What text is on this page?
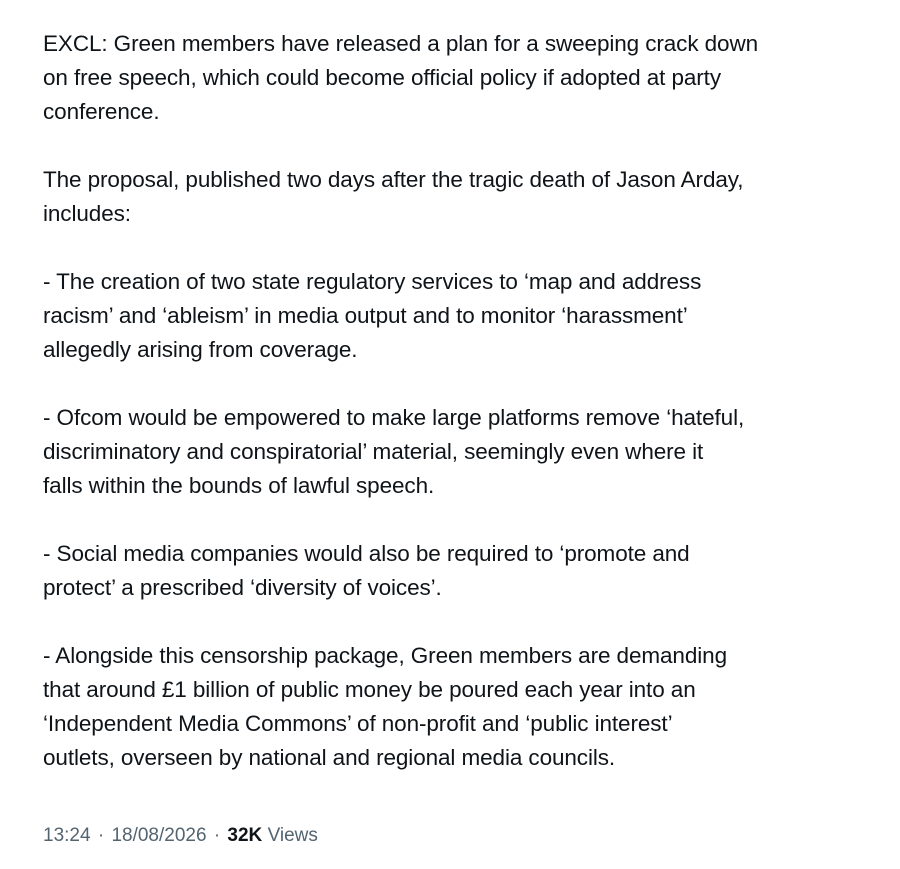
EXCL: Green members have released a plan for a sweeping crack down
on free speech, which could become official policy if adopted at party
conference.

The proposal, published two days after the tragic death of Jason Arday,
includes:

- The creation of two state regulatory services to ‘map and address
racism’ and ‘ableism’ in media output and to monitor ‘harassment’
allegedly arising from coverage.

- Ofcom would be empowered to make large platforms remove ‘hateful,
discriminatory and conspiratorial’ material, seemingly even where it
falls within the bounds of lawful speech.

- Social media companies would also be required to ‘promote and
protect’ a prescribed ‘diversity of voices’.

- Alongside this censorship package, Green members are demanding
that around £1 billion of public money be poured each year into an
‘Independent Media Commons’ of non-profit and ‘public interest’
outlets, overseen by national and regional media councils.

13:24 · 18/08/2026 · 32K Views
